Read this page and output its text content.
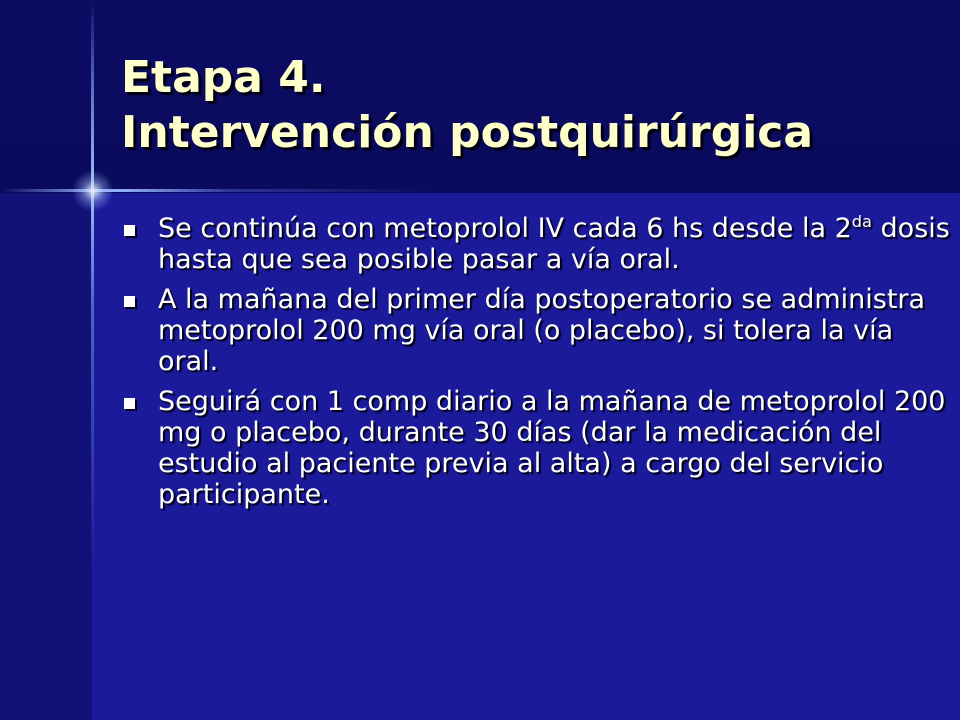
Etapa 4.
Intervención postquirúrgica
Se continúa con metoprolol IV cada 6 hs desde la $2^{da}$ dosis hasta que sea posible pasar a vía oral.
A la mañana del primer día postoperatorio se administra metoprolol 200 mg vía oral (o placebo), si tolera la vía oral.
Seguirá con 1 comp diario a la mañana de metoprolol 200 mg o placebo, durante 30 días (dar la medicación del estudio al paciente previa al alta) a cargo del servicio participante.
